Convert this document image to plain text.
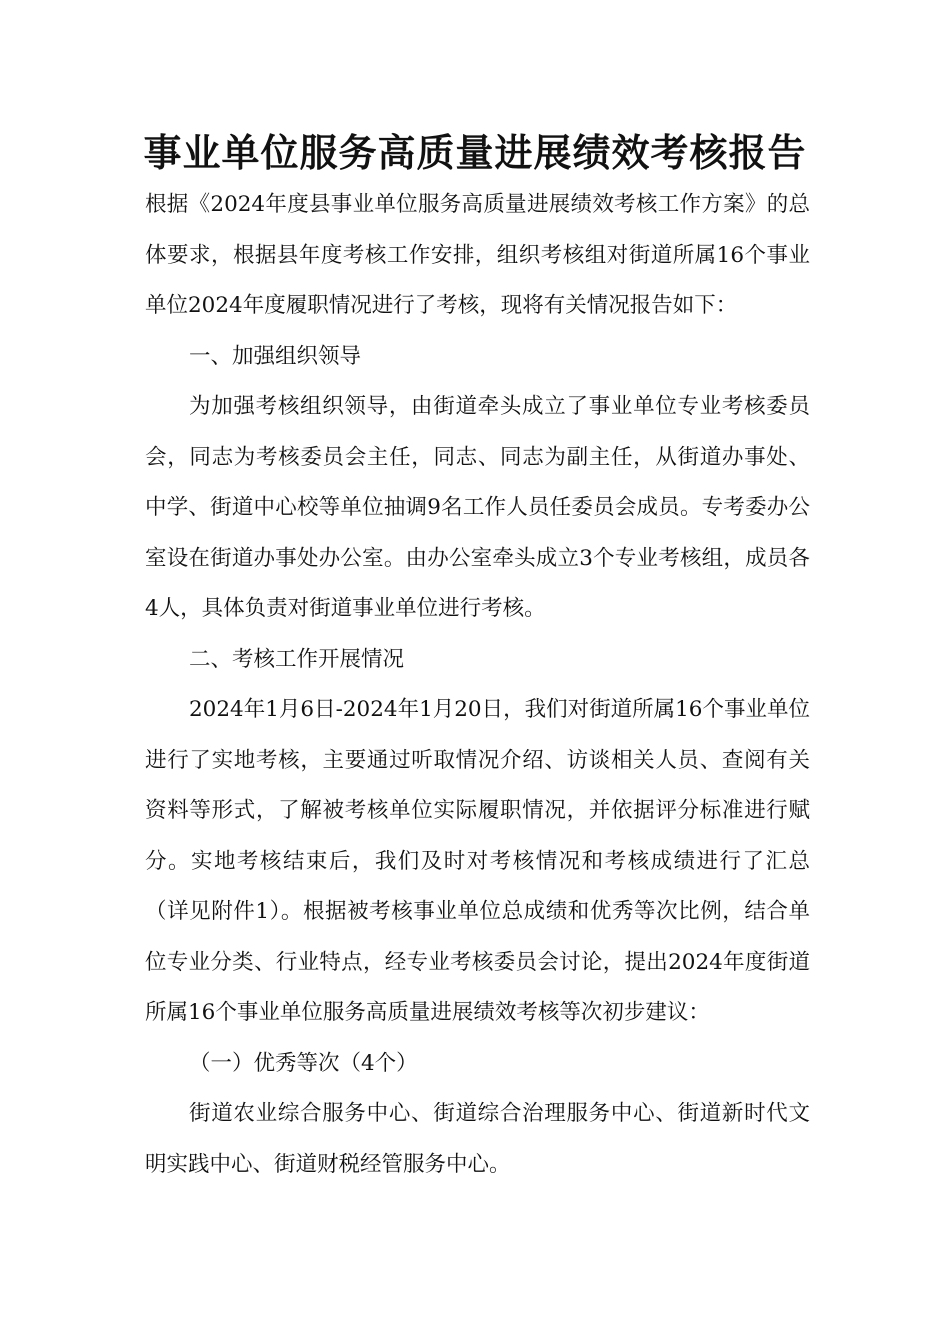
事业单位服务高质量进展绩效考核报告

根据《2024年度县事业单位服务高质量进展绩效考核工作方案》的总体要求，根据县年度考核工作安排，组织考核组对街道所属16个事业单位2024年度履职情况进行了考核，现将有关情况报告如下：

一、加强组织领导

为加强考核组织领导，由街道牵头成立了事业单位专业考核委员会，同志为考核委员会主任，同志、同志为副主任，从街道办事处、中学、街道中心校等单位抽调9名工作人员任委员会成员。专考委办公室设在街道办事处办公室。由办公室牵头成立3个专业考核组，成员各4人，具体负责对街道事业单位进行考核。

二、考核工作开展情况

2024年1月6日-2024年1月20日，我们对街道所属16个事业单位进行了实地考核，主要通过听取情况介绍、访谈相关人员、查阅有关资料等形式，了解被考核单位实际履职情况，并依据评分标准进行赋分。实地考核结束后，我们及时对考核情况和考核成绩进行了汇总（详见附件1）。根据被考核事业单位总成绩和优秀等次比例，结合单位专业分类、行业特点，经专业考核委员会讨论，提出2024年度街道所属16个事业单位服务高质量进展绩效考核等次初步建议：

（一）优秀等次（4个）

街道农业综合服务中心、街道综合治理服务中心、街道新时代文明实践中心、街道财税经管服务中心。
